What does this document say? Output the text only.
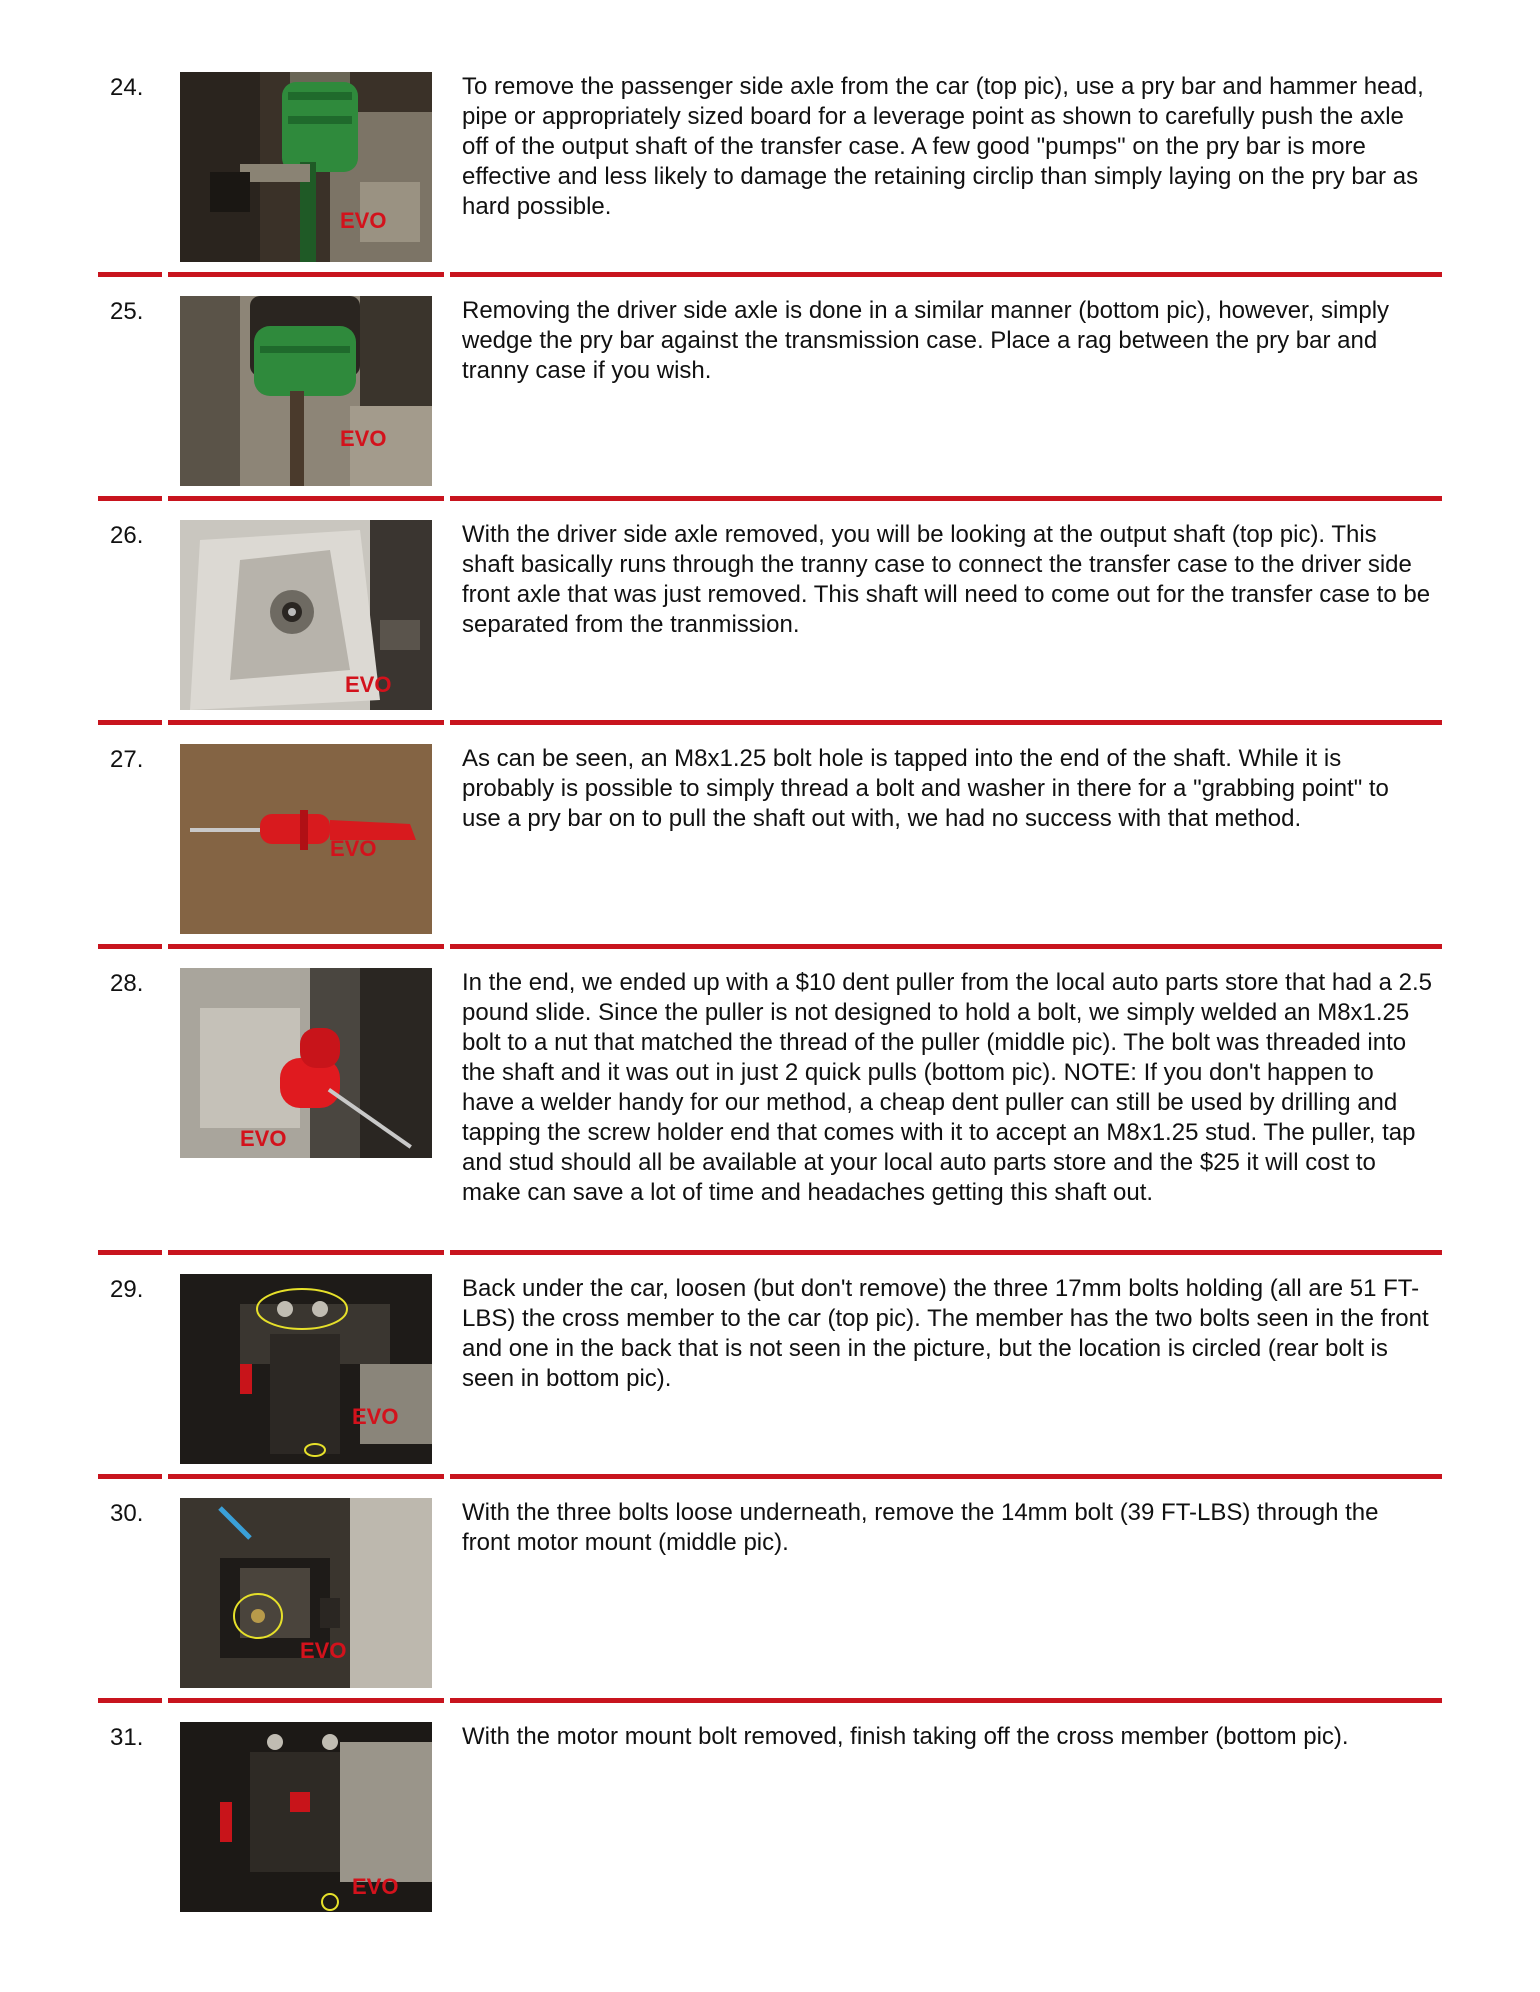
24.
EVO

To remove the passenger side axle from the car (top pic), use a pry bar and hammer head, pipe or appropriately sized board for a leverage point as shown to carefully push the axle off of the output shaft of the transfer case. A few good "pumps" on the pry bar is more effective and less likely to damage the retaining circlip than simply laying on the pry bar as hard possible.

25.
EVO

Removing the driver side axle is done in a similar manner (bottom pic), however, simply wedge the pry bar against the transmission case. Place a rag between the pry bar and tranny case if you wish.

26.
EVO

With the driver side axle removed, you will be looking at the output shaft (top pic). This shaft basically runs through the tranny case to connect the transfer case to the driver side front axle that was just removed. This shaft will need to come out for the transfer case to be separated from the tranmission.

27.
EVO

As can be seen, an M8x1.25 bolt hole is tapped into the end of the shaft. While it is probably is possible to simply thread a bolt and washer in there for a "grabbing point" to use a pry bar on to pull the shaft out with, we had no success with that method.

28.
EVO

In the end, we ended up with a $10 dent puller from the local auto parts store that had a 2.5 pound slide. Since the puller is not designed to hold a bolt, we simply welded an M8x1.25 bolt to a nut that matched the thread of the puller (middle pic). The bolt was threaded into the shaft and it was out in just 2 quick pulls (bottom pic). NOTE: If you don't happen to have a welder handy for our method, a cheap dent puller can still be used by drilling and tapping the screw holder end that comes with it to accept an M8x1.25 stud. The puller, tap and stud should all be available at your local auto parts store and the $25 it will cost to make can save a lot of time and headaches getting this shaft out.

29.
EVO

Back under the car, loosen (but don't remove) the three 17mm bolts holding (all are 51 FT-LBS) the cross member to the car (top pic). The member has the two bolts seen in the front and one in the back that is not seen in the picture, but the location is circled (rear bolt is seen in bottom pic).

30.
EVO

With the three bolts loose underneath, remove the 14mm bolt (39 FT-LBS) through the front motor mount (middle pic).

31.
EVO

With the motor mount bolt removed, finish taking off the cross member (bottom pic).
